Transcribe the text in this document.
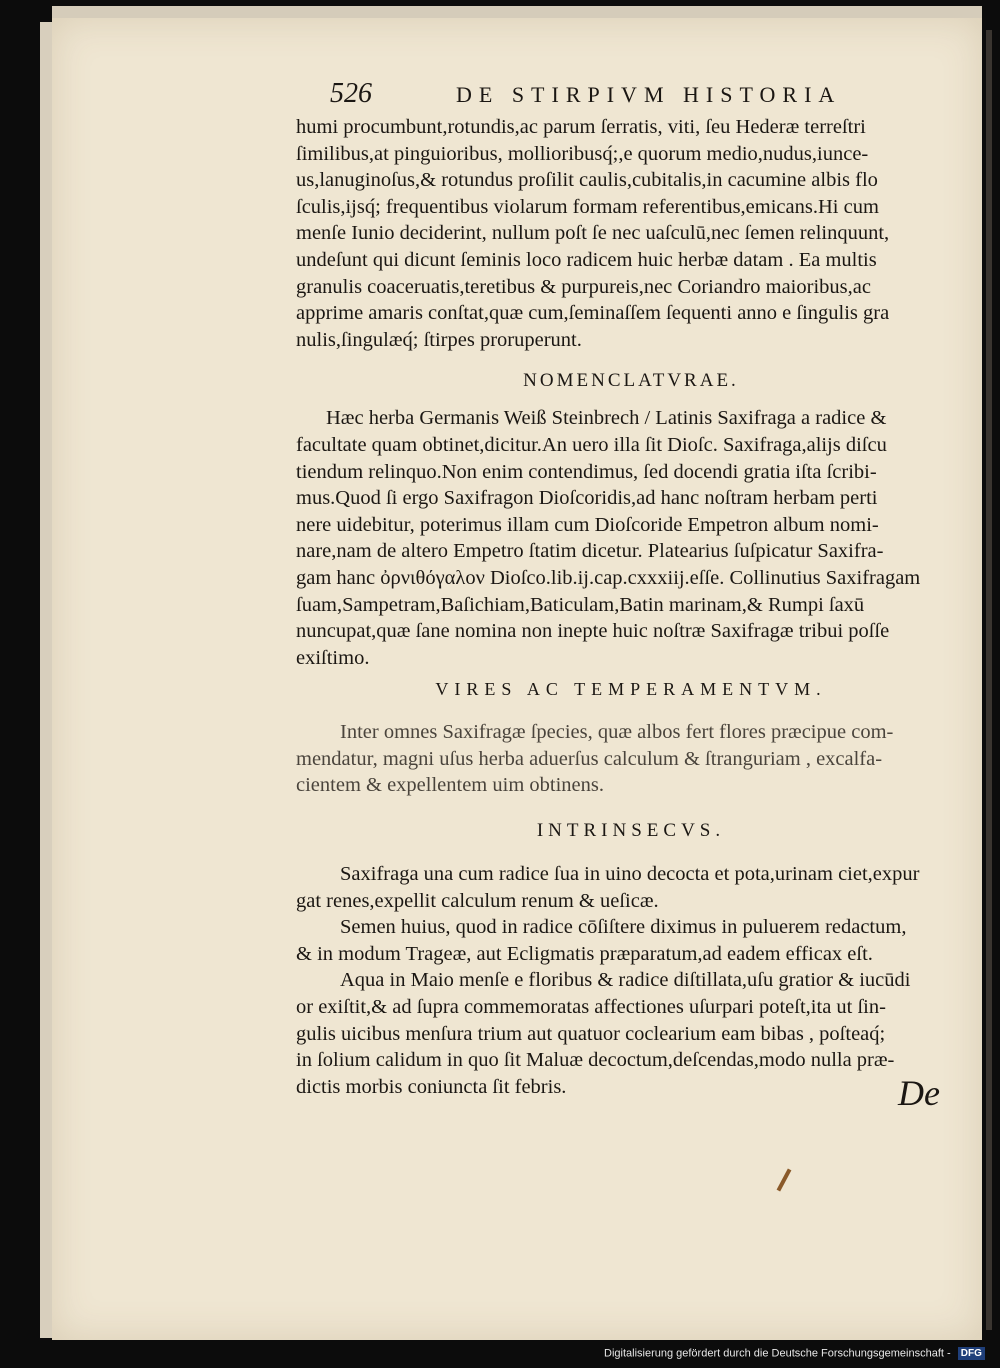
526	DE STIRPIVM HISTORIA
humi procumbunt,rotundis,ac parum ſerratis, viti, ſeu Hederæ terreſtri
ſimilibus,at pinguioribus, mollioribusq́;,e quorum medio,nudus,iunce-
us,lanuginoſus,& rotundus proſilit caulis,cubitalis,in cacumine albis flo
ſculis,ĳsq́; frequentibus violarum formam referentibus,emicans.Hi cum
menſe Iunio deciderint, nullum poſt ſe nec uaſculū,nec ſemen relinquunt,
undeſunt qui dicunt ſeminis loco radicem huic herbæ datam . Ea multis
granulis coaceruatis,teretibus & purpureis,nec Coriandro maioribus,ac
apprime amaris conſtat,quæ cum,ſeminaſſem ſequenti anno e ſingulis gra
nulis,ſingulæq́; ſtirpes proruperunt.
NOMENCLATVRAE.
Hæc herba Germanis Weiß Steinbrech / Latinis Saxifraga a radice &
facultate quam obtinet,dicitur.An uero illa ſit Dioſc. Saxifraga,alĳs diſcu
tiendum relinquo.Non enim contendimus, ſed docendi gratia iſta ſcribi-
mus.Quod ſi ergo Saxifragon Dioſcoridis,ad hanc noſtram herbam perti
nere uidebitur, poterimus illam cum Dioſcoride Empetron album nomi-
nare,nam de altero Empetro ſtatim dicetur. Platearius ſuſpicatur Saxifra-
gam hanc ὀρνιθόγαλον Dioſco.lib.ĳ.cap.cxxxiĳ.eſſe. Collinutius Saxifragam
ſuam,Sampetram,Baſichiam,Baticulam,Batin marinam,& Rumpi ſaxū
nuncupat,quæ ſane nomina non inepte huic noſtræ Saxifragæ tribui poſſe
exiſtimo.
VIRES AC TEMPERAMENTVM.
Inter omnes Saxifragæ ſpecies, quæ albos fert flores præcipue com-
mendatur, magni uſus herba aduerſus calculum & ſtranguriam , excalfa-
cientem & expellentem uim obtinens.
INTRINSECVS.
Saxifraga una cum radice ſua in uino decocta et pota,urinam ciet,expur
gat renes,expellit calculum renum & ueſicæ.
Semen huius, quod in radice cōſiſtere diximus in puluerem redactum,
& in modum Trageæ, aut Ecligmatis præparatum,ad eadem efficax eſt.
Aqua in Maio menſe e floribus & radice diſtillata,uſu gratior & iucūdi
or exiſtit,& ad ſupra commemoratas affectiones uſurpari poteſt,ita ut ſin-
gulis uicibus menſura trium aut quatuor coclearium eam bibas , poſteaq́;
in ſolium calidum in quo ſit Maluæ decoctum,deſcendas,modo nulla præ-
dictis morbis coniuncta ſit febris.	De
Digitalisierung gefördert durch die Deutsche Forschungsgemeinschaft - DFG
